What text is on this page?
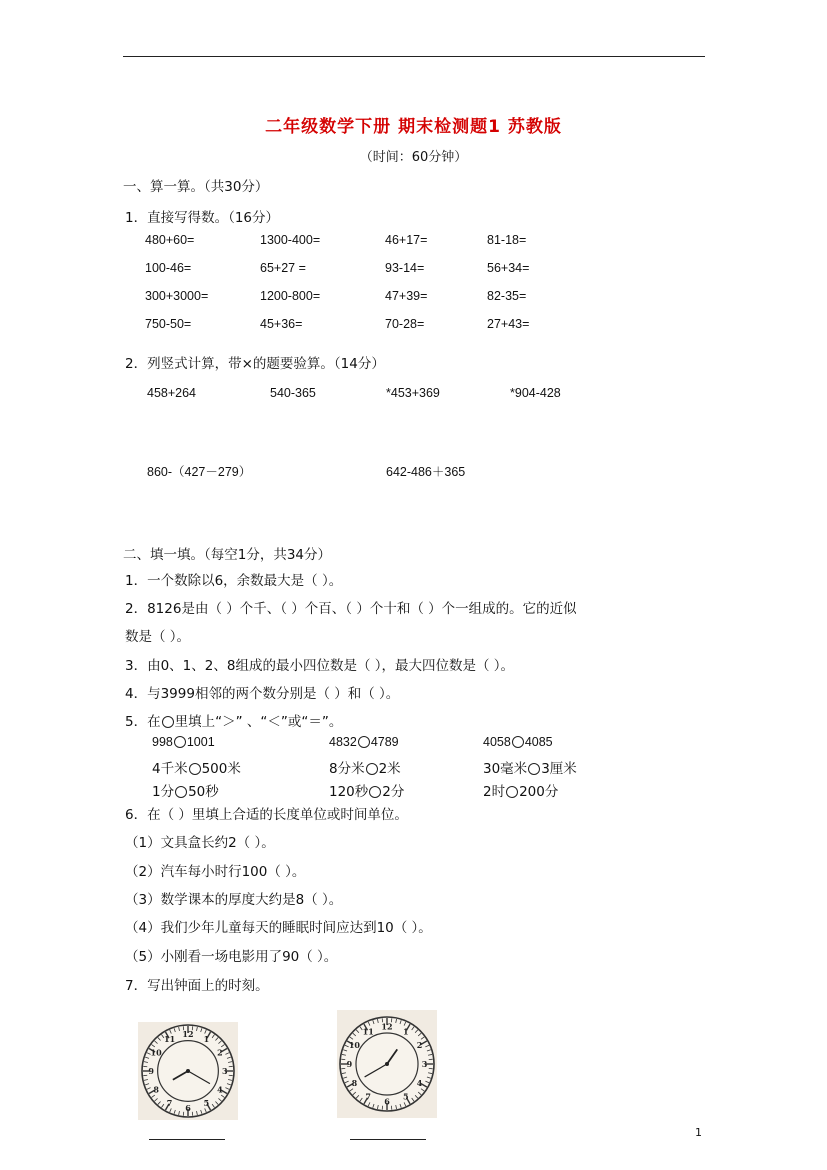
二年级数学下册 期末检测题1 苏教版
（时间：60分钟）
一、算一算。（共30分）
1．直接写得数。（16分）
480+60=	1300-400=	46+17=	81-18=
100-46=	65+27 =	93-14=	56+34=
300+3000=	1200-800=	47+39=	82-35=
750-50=	45+36=	70-28=	27+43=
2．列竖式计算，带×的题要验算。（14分）
458+264	540-365	*453+369	*904-428
860-（427－279）	642-486＋365
二、填一填。（每空1分，共34分）
1．一个数除以6，余数最大是（ ）。
2．8126是由（ ）个千、（ ）个百、（ ）个十和（ ）个一组成的。它的近似
数是（ ）。
3．由0、1、2、8组成的最小四位数是（ ），最大四位数是（ ）。
4．与3999相邻的两个数分别是（ ）和（ ）。
5．在 里填上“＞” 、“＜”或“＝”。
998 1001	4832 4789	4058 4085
4千米 500米	8分米 2米	30毫米 3厘米
1分 50秒	120秒 2分	2时 200分
6．在（ ）里填上合适的长度单位或时间单位。
（1）文具盒长约2（ ）。
（2）汽车每小时行100（ ）。
（3）数学课本的厚度大约是8（ ）。
（4）我们少年儿童每天的睡眠时间应达到10（ ）。
（5）小刚看一场电影用了90（ ）。
7．写出钟面上的时刻。
12 1
2
3
4
5
6
7
8
9
10
11
12
1
2
3
4
5
6
7
8
9
10
11
1
